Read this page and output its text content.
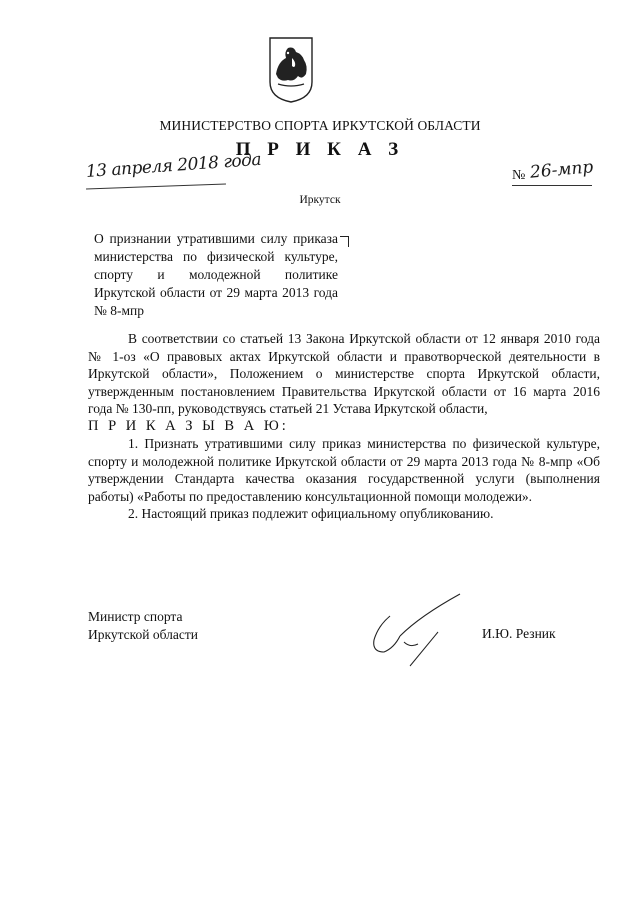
МИНИСТЕРСТВО СПОРТА ИРКУТСКОЙ ОБЛАСТИ
П Р И К А З
13 апреля 2018 года	№ 26-мпр
Иркутск
О признании утратившими силу приказа министерства по физической культуре, спорту и молодежной политике Иркутской области от 29 марта 2013 года № 8-мпр

В соответствии со статьей 13 Закона Иркутской области от 12 января 2010 года № 1-оз «О правовых актах Иркутской области и правотворческой деятельности в Иркутской области», Положением о министерстве спорта Иркутской области, утвержденным постановлением Правительства Иркутской области от 16 марта 2016 года № 130-пп, руководствуясь статьей 21 Устава Иркутской области,

П Р И К А З Ы В А Ю:

1. Признать утратившими силу приказ министерства по физической культуре, спорту и молодежной политике Иркутской области от 29 марта 2013 года № 8-мпр «Об утверждении Стандарта качества оказания государственной услуги (выполнения работы) «Работы по предоставлению консультационной помощи молодежи».

2. Настоящий приказ подлежит официальному опубликованию.

Министр спорта
Иркутской области	И.Ю. Резник
